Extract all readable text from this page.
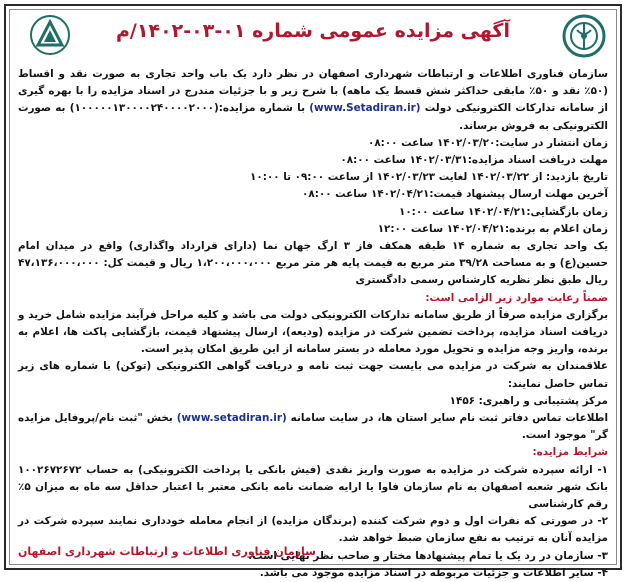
آگهی مزایده عمومی شماره ۰۱-۰۳-۱۴۰۲/م

سازمان فناوری اطلاعات و ارتباطات شهرداری اصفهان در نظر دارد یک باب واحد تجاری به صورت نقد و اقساط (۵۰٪ نقد و ۵۰٪ مابقی حداکثر شش قسط یک ماهه) با شرح زیر و با جزئیات مندرج در اسناد مزایده را با بهره گیری از سامانه تدارکات الکترونیکی دولت (www.Setadiran.ir) با شماره مزایده:(۱۰۰۰۰۰۱۳۰۰۰۰۲۴۰۰۰۰۲۰۰۰) به صورت الکترونیکی به فروش برساند.

زمان انتشار در سایت:۱۴۰۲/۰۳/۲۰ ساعت ۰۸:۰۰

مهلت دریافت اسناد مزایده:۱۴۰۲/۰۳/۳۱ ساعت ۰۸:۰۰

تاریخ بازدید: از ۱۴۰۲/۰۳/۲۲ لغایت ۱۴۰۲/۰۳/۲۳ از ساعت ۰۹:۰۰ تا ۱۰:۰۰

آخرین مهلت ارسال پیشنهاد قیمت:۱۴۰۲/۰۴/۲۱ ساعت ۰۸:۰۰

زمان بازگشایی:۱۴۰۲/۰۴/۲۱ ساعت ۱۰:۰۰

زمان اعلام به برنده:۱۴۰۲/۰۴/۲۱ ساعت ۱۲:۰۰

یک واحد تجاری به شماره ۱۴ طبقه همکف فاز ۳ ارگ جهان نما (دارای قرارداد واگذاری) واقع در میدان امام حسین(ع) و به مساحت ۳۹/۲۸ متر مربع به قیمت پایه هر متر مربع ۱،۲۰۰،۰۰۰،۰۰۰ ریال و قیمت کل: ۴۷،۱۳۶،۰۰۰،۰۰۰ ریال طبق نظر نظریه کارشناس رسمی دادگستری

ضمناً رعایت موارد زیر الزامی است:

برگزاری مزایده صرفاً از طریق سامانه تدارکات الکترونیکی دولت می باشد و کلیه مراحل فرآیند مزایده شامل خرید و دریافت اسناد مزایده، پرداخت تضمین شرکت در مزایده (ودیعه)، ارسال پیشنهاد قیمت، بازگشایی پاکت ها، اعلام به برنده، واریز وجه مزایده و تحویل مورد معامله در بستر سامانه از این طریق امکان پذیر است.

علاقمندان به شرکت در مزایده می بایست جهت ثبت نامه و دریافت گواهی الکترونیکی (توکن) با شماره های زیر تماس حاصل نمایند:

مرکز پشتیبانی و راهبری: ۱۴۵۶

اطلاعات تماس دفاتر ثبت نام سایر استان ها، در سایت سامانه (www.setadiran.ir) بخش "ثبت نام/پروفایل مزایده گر" موجود است.

شرایط مزایده:

۱- ارائه سپرده شرکت در مزایده به صورت واریز نقدی (فیش بانکی یا پرداخت الکترونیکی) به حساب ۱۰۰۲۶۷۲۶۷۲ بانک شهر شعبه اصفهان به نام سازمان فاوا یا ارایه ضمانت نامه بانکی معتبر با اعتبار حداقل سه ماه به میزان ۵٪ رقم کارشناسی

۲- در صورتی که نفرات اول و دوم شرکت کننده (برندگان مزایده) از انجام معامله خودداری نمایند سپرده شرکت در مزایده آنان به ترتیب به نفع سازمان ضبط خواهد شد.

۳- سازمان در رد یک یا تمام پیشنهادها مختار و صاحب نظر نهایی است.

۴- سایر اطلاعات و جزئیات مربوطه در اسناد مزایده موجود می باشد.

سازمان فناوری اطلاعات و ارتباطات شهرداری اصفهان
